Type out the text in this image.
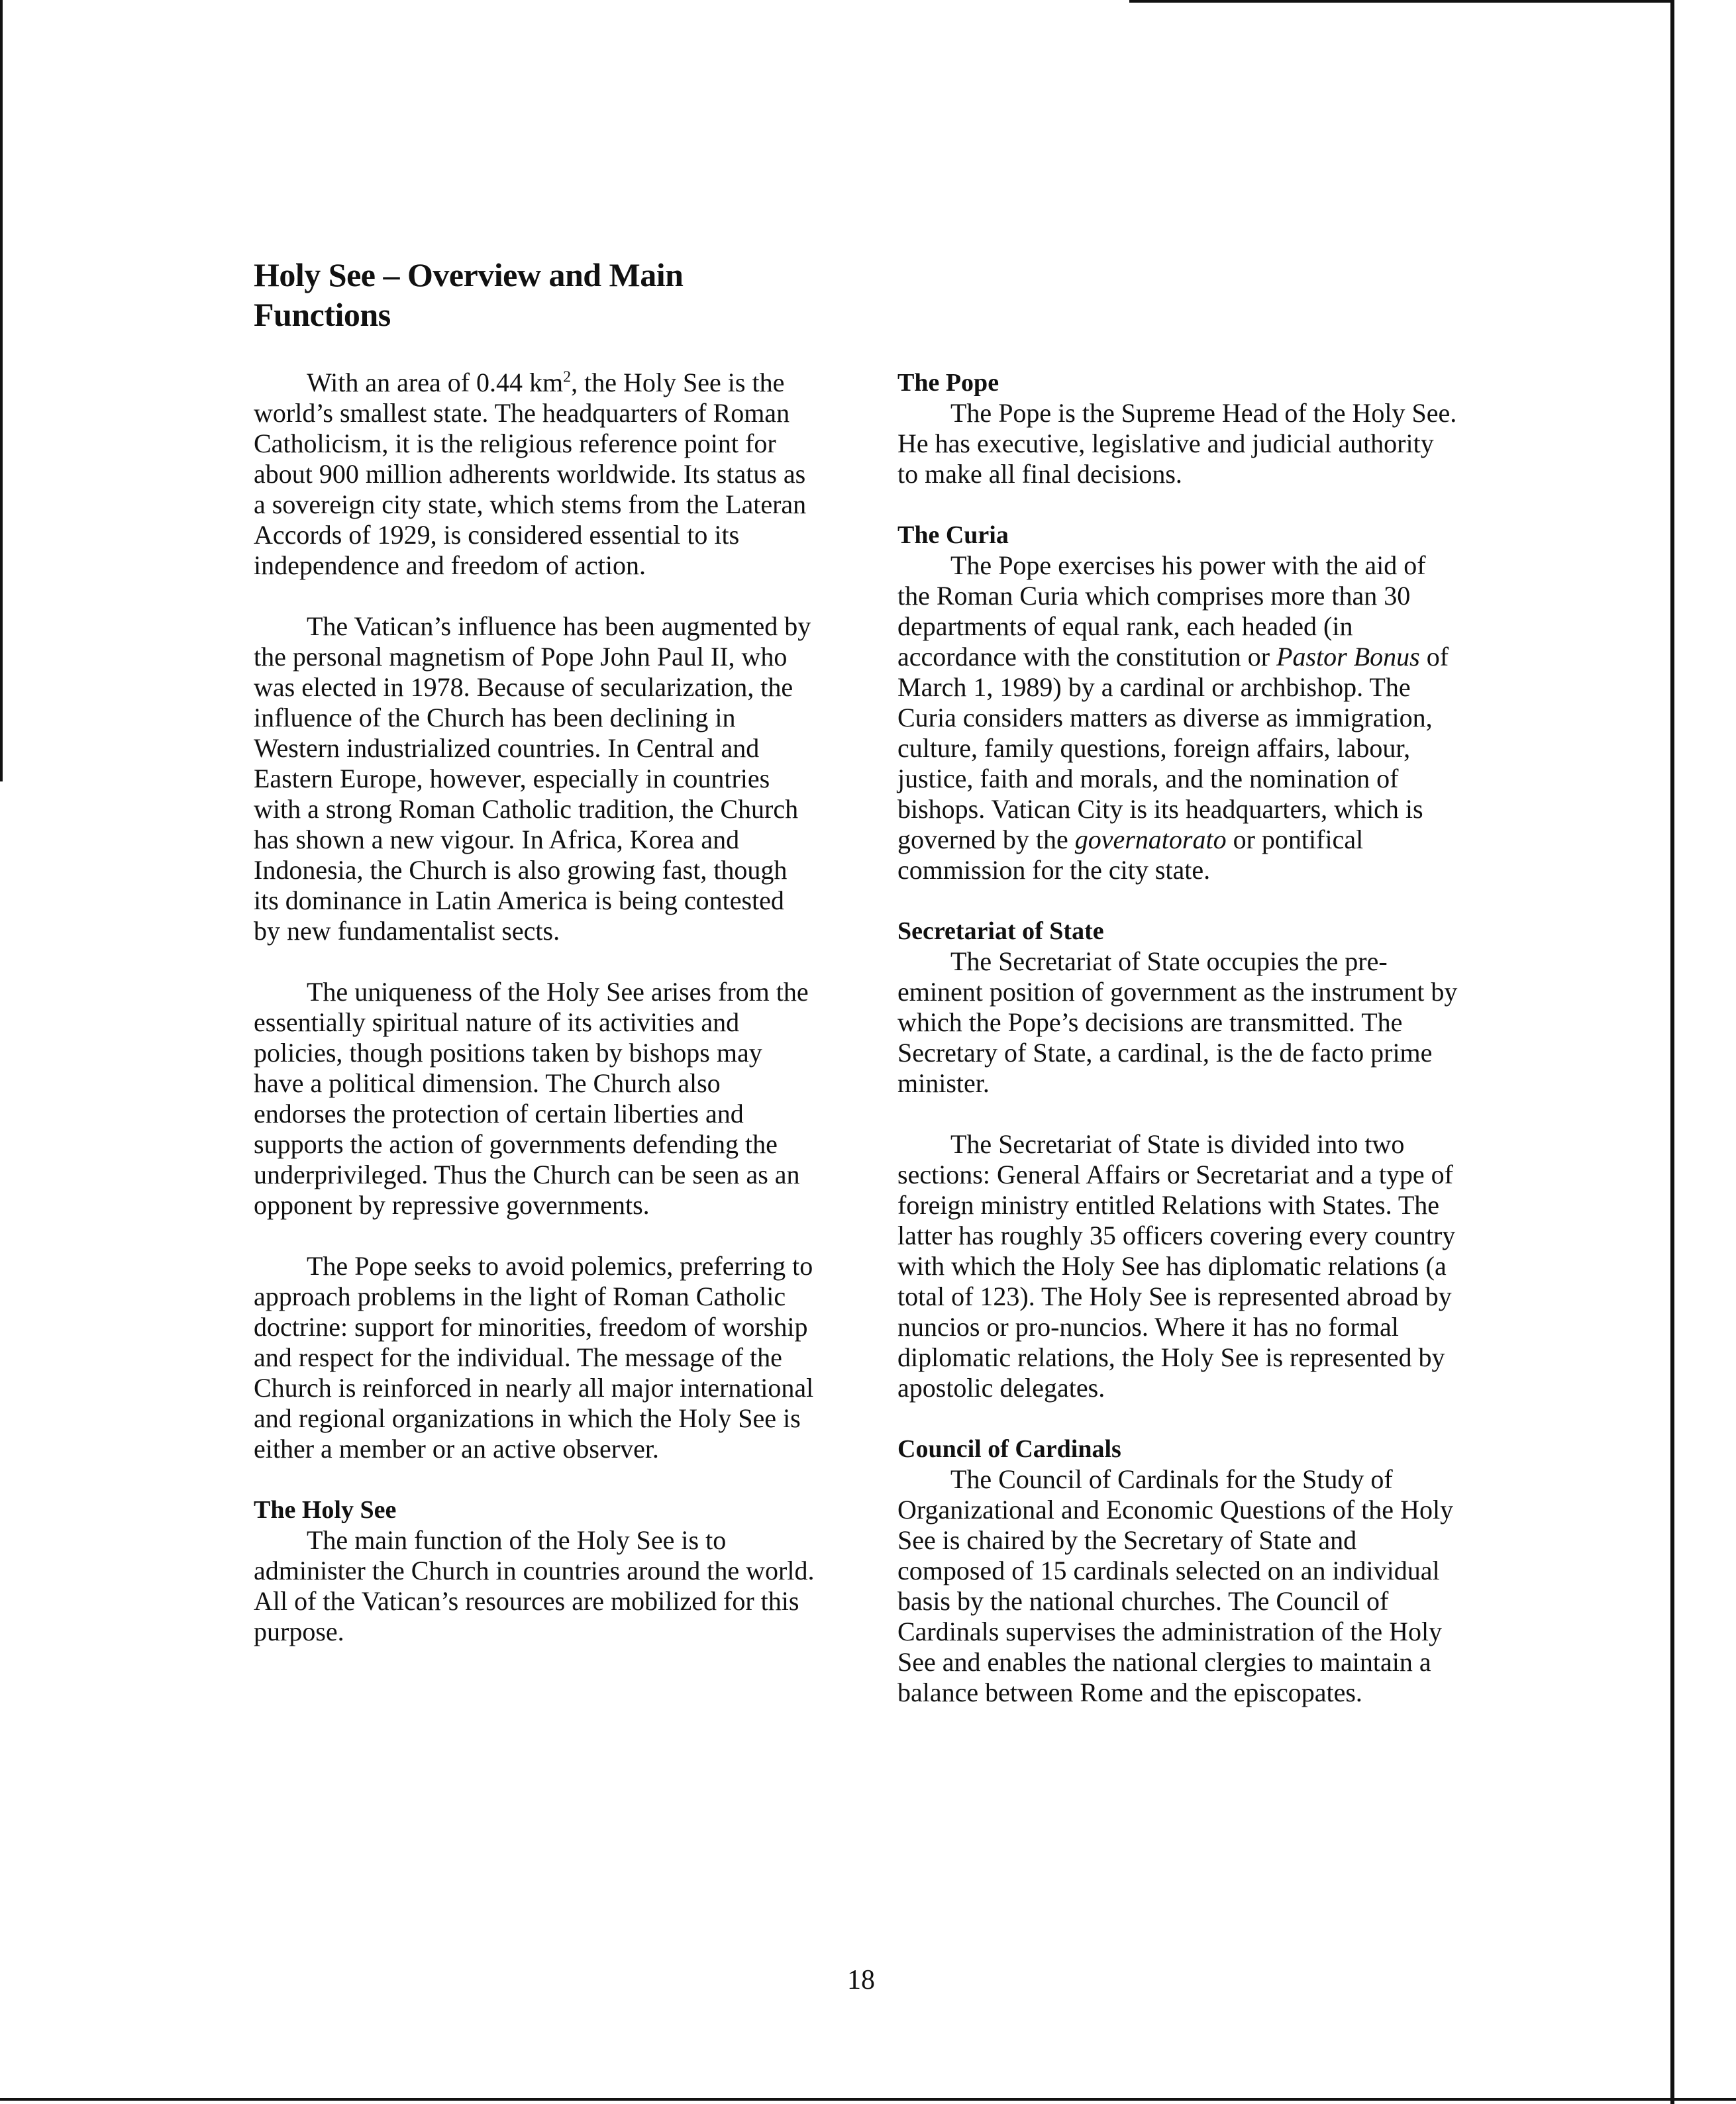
Holy See – Overview and Main Functions

With an area of 0.44 $km^2$, the Holy See is the world’s smallest state. The headquarters of Roman Catholicism, it is the religious reference point for about 900 million adherents worldwide. Its status as a sovereign city state, which stems from the Lateran Accords of 1929, is considered essential to its independence and freedom of action.

The Vatican’s influence has been augmented by the personal magnetism of Pope John Paul II, who was elected in 1978. Because of secularization, the influence of the Church has been declining in Western industrialized countries. In Central and Eastern Europe, however, especially in countries with a strong Roman Catholic tradition, the Church has shown a new vigour. In Africa, Korea and Indonesia, the Church is also growing fast, though its dominance in Latin America is being contested by new fundamentalist sects.

The uniqueness of the Holy See arises from the essentially spiritual nature of its activities and policies, though positions taken by bishops may have a political dimension. The Church also endorses the protection of certain liberties and supports the action of governments defending the underprivileged. Thus the Church can be seen as an opponent by repressive governments.

The Pope seeks to avoid polemics, preferring to approach problems in the light of Roman Catholic doctrine: support for minorities, freedom of worship and respect for the individual. The message of the Church is reinforced in nearly all major international and regional organizations in which the Holy See is either a member or an active observer.

The Holy See

The main function of the Holy See is to administer the Church in countries around the world. All of the Vatican’s resources are mobilized for this purpose.

The Pope

The Pope is the Supreme Head of the Holy See. He has executive, legislative and judicial authority to make all final decisions.

The Curia

The Pope exercises his power with the aid of the Roman Curia which comprises more than 30 departments of equal rank, each headed (in accordance with the constitution or Pastor Bonus of March 1, 1989) by a cardinal or archbishop. The Curia considers matters as diverse as immigration, culture, family questions, foreign affairs, labour, justice, faith and morals, and the nomination of bishops. Vatican City is its headquarters, which is governed by the governatorato or pontifical commission for the city state.

Secretariat of State

The Secretariat of State occupies the pre-eminent position of government as the instrument by which the Pope’s decisions are transmitted. The Secretary of State, a cardinal, is the de facto prime minister.

The Secretariat of State is divided into two sections: General Affairs or Secretariat and a type of foreign ministry entitled Relations with States. The latter has roughly 35 officers covering every country with which the Holy See has diplomatic relations (a total of 123). The Holy See is represented abroad by nuncios or pro-nuncios. Where it has no formal diplomatic relations, the Holy See is represented by apostolic delegates.

Council of Cardinals

The Council of Cardinals for the Study of Organizational and Economic Questions of the Holy See is chaired by the Secretary of State and composed of 15 cardinals selected on an individual basis by the national churches. The Council of Cardinals supervises the administration of the Holy See and enables the national clergies to maintain a balance between Rome and the episcopates.

18
